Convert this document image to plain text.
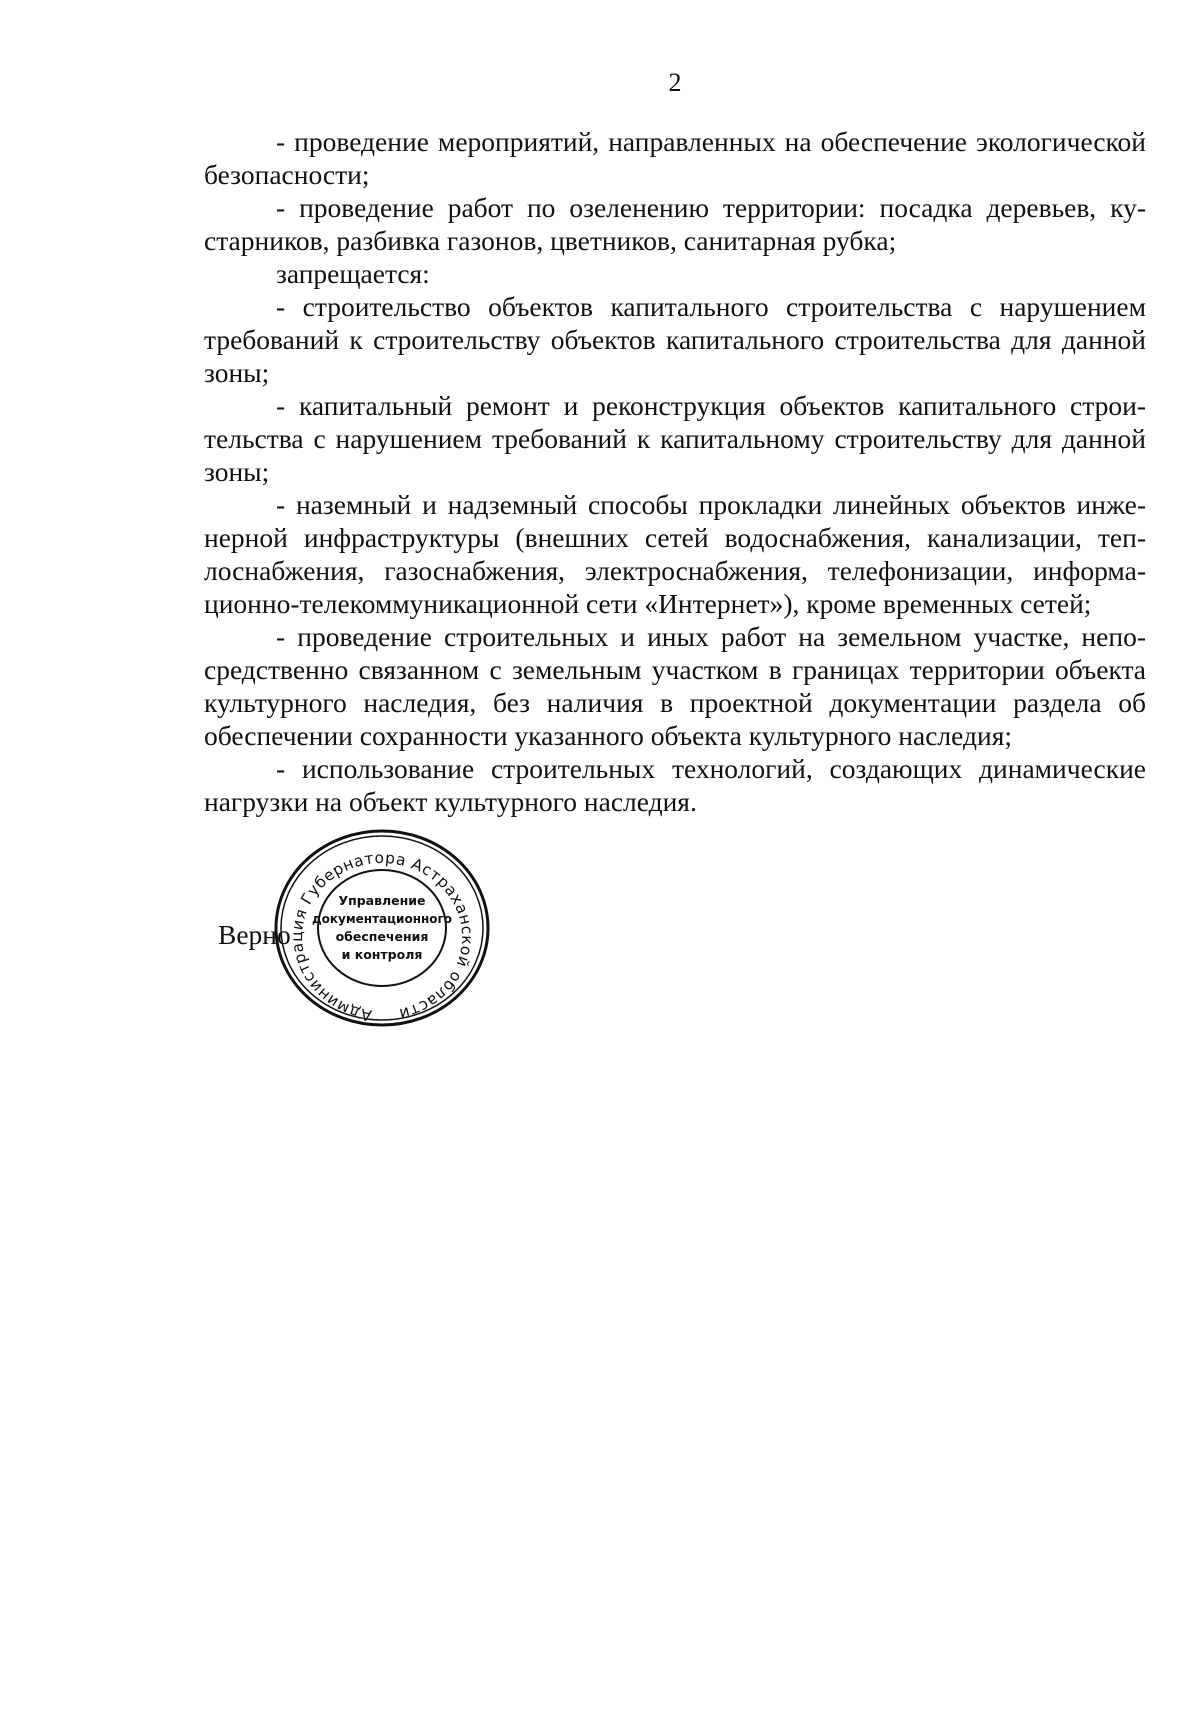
2

- проведение мероприятий, направленных на обеспечение экологической безопасности;

- проведение работ по озеленению территории: посадка деревьев, кустарников, разбивка газонов, цветников, санитарная рубка;

запрещается:

- строительство объектов капитального строительства с нарушением требований к строительству объектов капитального строительства для данной зоны;

- капитальный ремонт и реконструкция объектов капитального строительства с нарушением требований к капитальному строительству для данной зоны;

- наземный и надземный способы прокладки линейных объектов инженерной инфраструктуры (внешних сетей водоснабжения, канализации, теплоснабжения, газоснабжения, электроснабжения, телефонизации, информационно-телекоммуникационной сети «Интернет»), кроме временных сетей;

- проведение строительных и иных работ на земельном участке, непосредственно связанном с земельным участком в границах территории объекта культурного наследия, без наличия в проектной документации раздела об обеспечении сохранности указанного объекта культурного наследия;

- использование строительных технологий, создающих динамические нагрузки на объект культурного наследия.

Верно
Администрация Губернатора Астраханской области
Управление
документационного
обеспечения
и контроля
